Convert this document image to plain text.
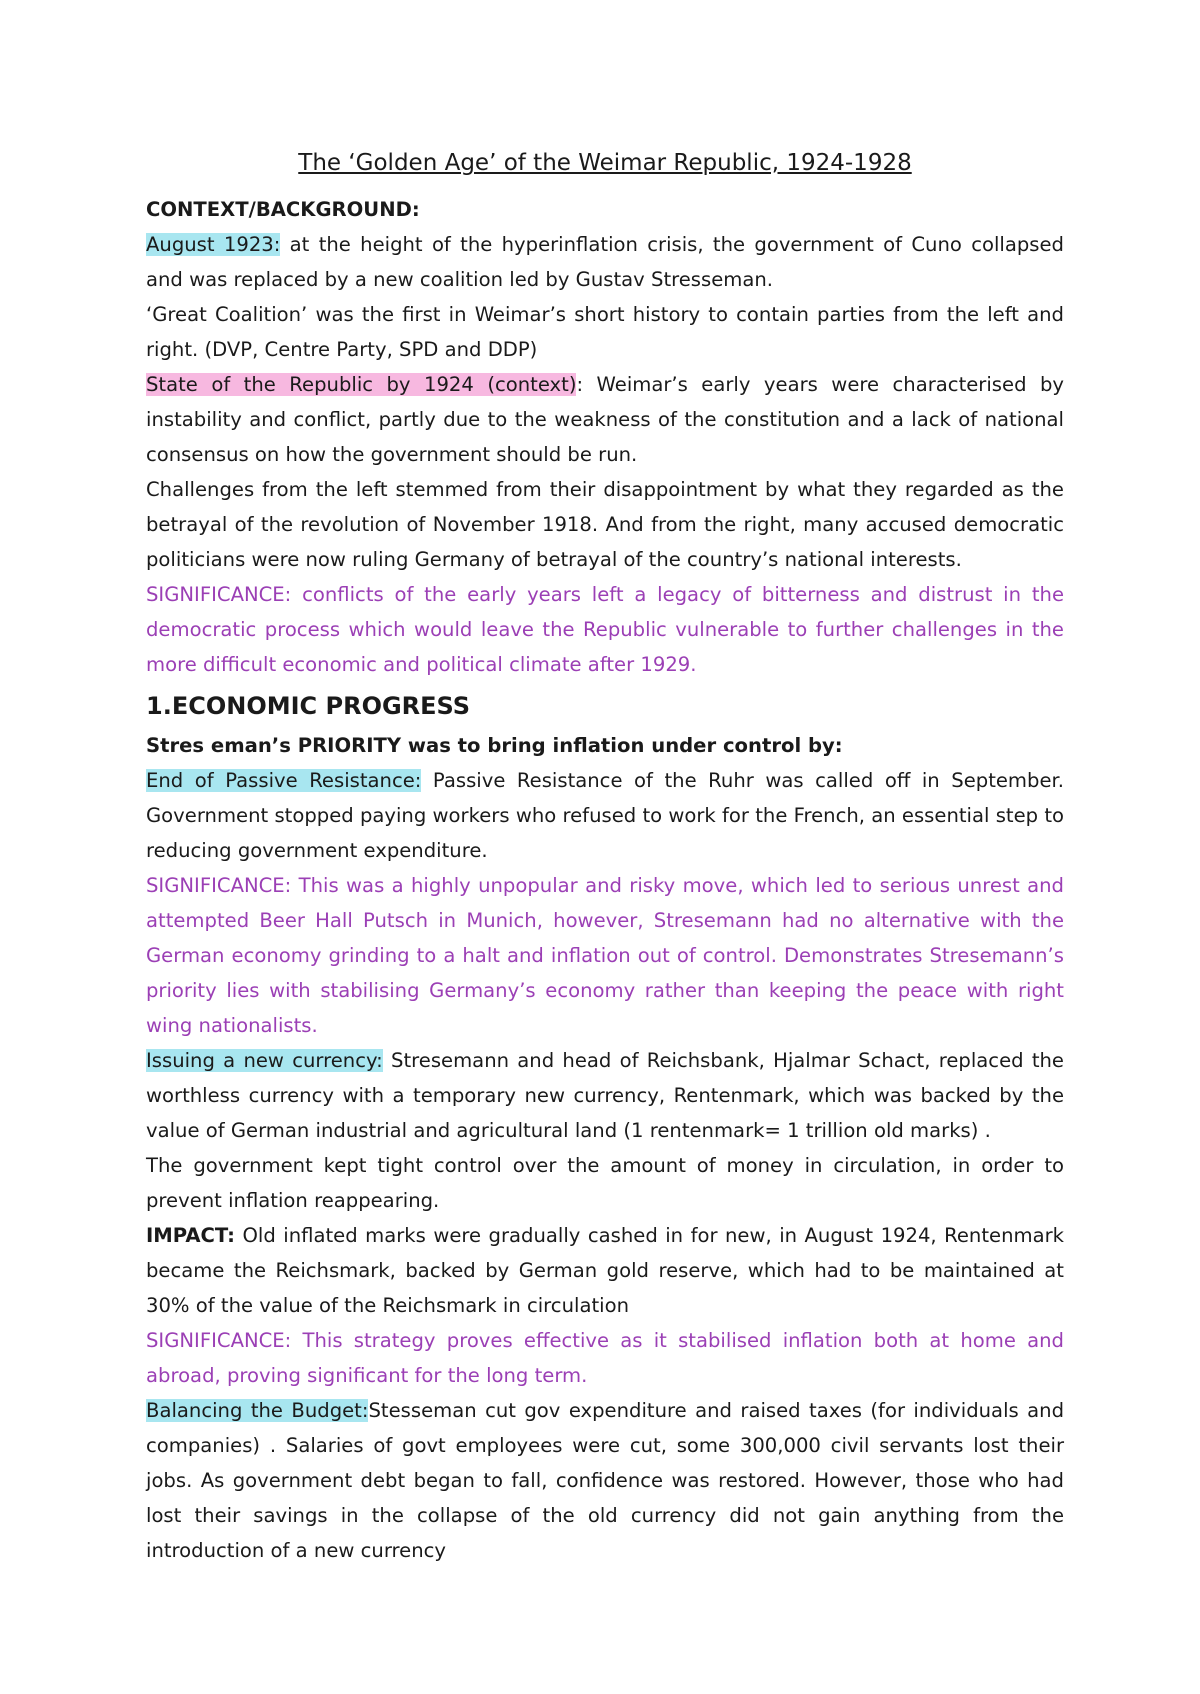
The ‘Golden Age’ of the Weimar Republic, 1924-1928

CONTEXT/BACKGROUND:

August 1923: at the height of the hyperinflation crisis, the government of Cuno collapsed and was replaced by a new coalition led by Gustav Stresseman.

‘Great Coalition’ was the first in Weimar’s short history to contain parties from the left and right. (DVP, Centre Party, SPD and DDP)

State of the Republic by 1924 (context): Weimar’s early years were characterised by instability and conflict, partly due to the weakness of the constitution and a lack of national consensus on how the government should be run.

Challenges from the left stemmed from their disappointment by what they regarded as the betrayal of the revolution of November 1918. And from the right, many accused democratic politicians were now ruling Germany of betrayal of the country’s national interests.

SIGNIFICANCE: conflicts of the early years left a legacy of bitterness and distrust in the democratic process which would leave the Republic vulnerable to further challenges in the more difficult economic and political climate after 1929.

1.ECONOMIC PROGRESS

Stres eman’s PRIORITY was to bring inflation under control by:

End of Passive Resistance: Passive Resistance of the Ruhr was called off in September. Government stopped paying workers who refused to work for the French, an essential step to reducing government expenditure.

SIGNIFICANCE: This was a highly unpopular and risky move, which led to serious unrest and attempted Beer Hall Putsch in Munich, however, Stresemann had no alternative with the German economy grinding to a halt and inflation out of control. Demonstrates Stresemann’s priority lies with stabilising Germany’s economy rather than keeping the peace with right wing nationalists.

Issuing a new currency: Stresemann and head of Reichsbank, Hjalmar Schact, replaced the worthless currency with a temporary new currency, Rentenmark, which was backed by the value of German industrial and agricultural land (1 rentenmark= 1 trillion old marks) .

The government kept tight control over the amount of money in circulation, in order to prevent inflation reappearing.

IMPACT: Old inflated marks were gradually cashed in for new, in August 1924, Rentenmark became the Reichsmark, backed by German gold reserve, which had to be maintained at 30% of the value of the Reichsmark in circulation

SIGNIFICANCE: This strategy proves effective as it stabilised inflation both at home and abroad, proving significant for the long term.

Balancing the Budget:Stesseman cut gov expenditure and raised taxes (for individuals and companies) . Salaries of govt employees were cut, some 300,000 civil servants lost their jobs. As government debt began to fall, confidence was restored. However, those who had lost their savings in the collapse of the old currency did not gain anything from the introduction of a new currency
